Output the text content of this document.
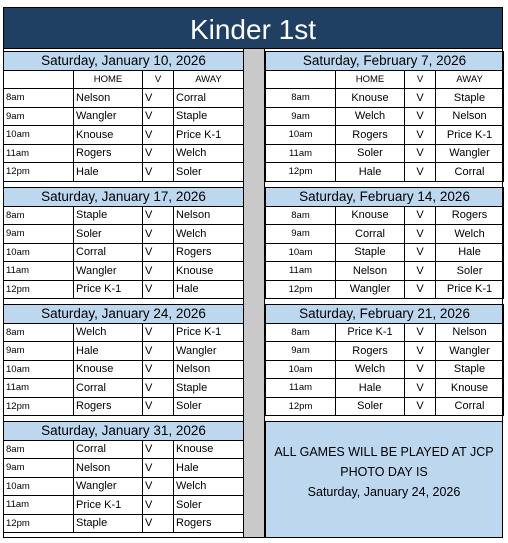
Kinder 1st
Saturday, January 10, 2026			
	HOME	V	AWAY
8am	Nelson	V	Corral
9am	Wangler	V	Staple
10am	Knouse	V	Price K-1
11am	Rogers	V	Welch
12pm	Hale	V	Soler
Saturday, January 17, 2026			
8am	Staple	V	Nelson
9am	Soler	V	Welch
10am	Corral	V	Rogers
11am	Wangler	V	Knouse
12pm	Price K-1	V	Hale
Saturday, January 24, 2026			
8am	Welch	V	Price K-1
9am	Hale	V	Wangler
10am	Knouse	V	Nelson
11am	Corral	V	Staple
12pm	Rogers	V	Soler
Saturday, January 31, 2026			
8am	Corral	V	Knouse
9am	Nelson	V	Hale
10am	Wangler	V	Welch
11am	Price K-1	V	Soler
12pm	Staple	V	Rogers
Saturday, February 7, 2026			
	HOME	V	AWAY
8am	Knouse	V	Staple
9am	Welch	V	Nelson
10am	Rogers	V	Price K-1
11am	Soler	V	Wangler
12pm	Hale	V	Corral
Saturday, February 14, 2026			
8am	Knouse	V	Rogers
9am	Corral	V	Welch
10am	Staple	V	Hale
11am	Nelson	V	Soler
12pm	Wangler	V	Price K-1
Saturday, February 21, 2026			
8am	Price K-1	V	Nelson
9am	Rogers	V	Wangler
10am	Welch	V	Staple
11am	Hale	V	Knouse
12pm	Soler	V	Corral
ALL GAMES WILL BE PLAYED AT JCP
PHOTO DAY IS
Saturday, January 24, 2026
